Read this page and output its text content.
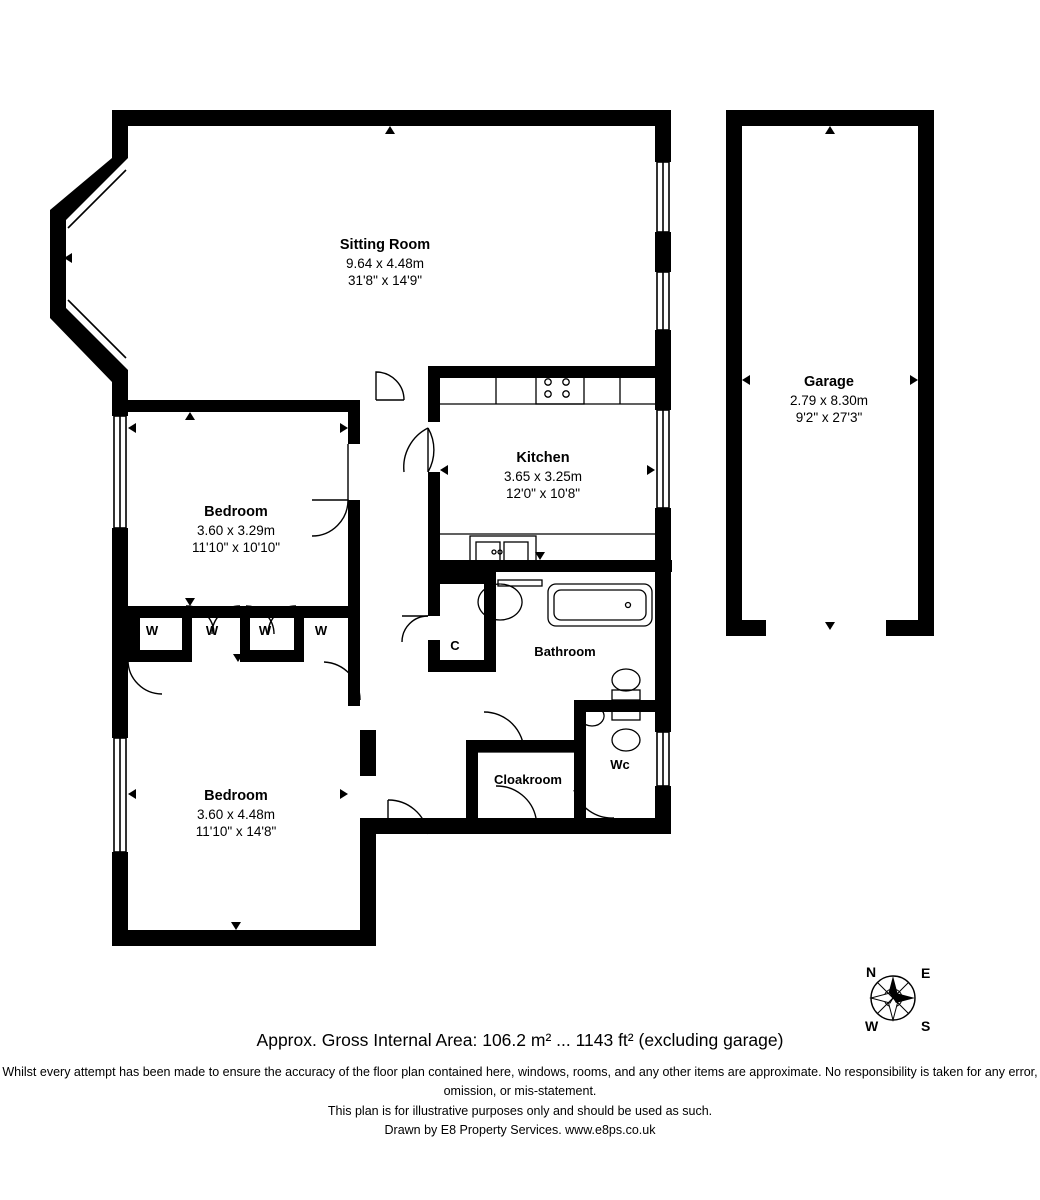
Sitting Room
9.64 x 4.48m
31'8" x 14'9"
Kitchen
3.65 x 3.25m
12'0" x 10'8"
Bedroom
3.60 x 3.29m
11'10" x 10'10"
Bedroom
3.60 x 4.48m
11'10" x 14'8"
Garage
2.79 x 8.30m
9'2" x 27'3"
Bathroom
Wc
C
W	W	W	W
Cloakroom
N	E
S
W
Approx. Gross Internal Area: 106.2 m² ... 1143 ft² (excluding garage)
Whilst every attempt has been made to ensure the accuracy of the floor plan contained here, windows, rooms, and any other items are approximate. No responsibility is taken for any error, omission, or mis-statement.
This plan is for illustrative purposes only and should be used as such.
Drawn by E8 Property Services. www.e8ps.co.uk
